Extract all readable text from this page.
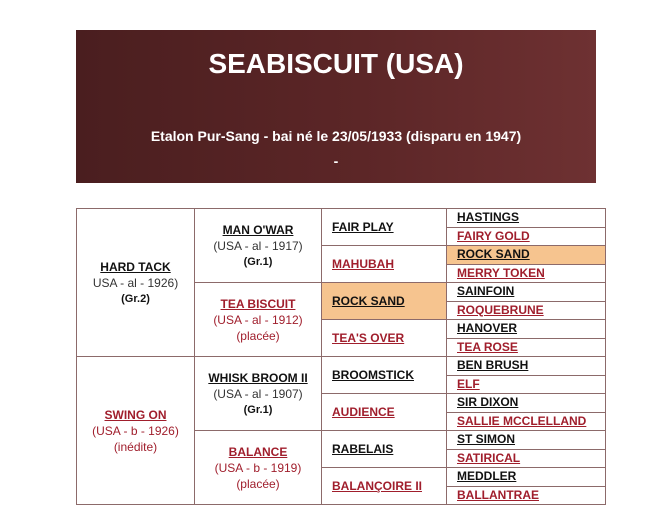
SEABISCUIT (USA)
Etalon Pur-Sang - bai né le 23/05/1933 (disparu en 1947)
-
Famille maternelle 5-j
HARD TACK
USA - al - 1926)
(Gr.2)	MAN O'WAR
(USA - al - 1917)
(Gr.1)	FAIR PLAY	HASTINGS
			FAIRY GOLD
		MAHUBAH	ROCK SAND
			MERRY TOKEN

	TEA BISCUIT
(USA - al - 1912)
(placée)	ROCK SAND	SAINFOIN
			ROQUEBRUNE
		TEA'S OVER	HANOVER
			TEA ROSE

SWING ON
(USA - b - 1926)
(inédite)	WHISK BROOM II
(USA - al - 1907)
(Gr.1)	BROOMSTICK	BEN BRUSH
			ELF
		AUDIENCE	SIR DIXON
			SALLIE MCCLELLAND

	BALANCE
(USA - b - 1919)
(placée)	RABELAIS	ST SIMON
			SATIRICAL
		BALANÇOIRE II	MEDDLER
			BALLANTRAE
